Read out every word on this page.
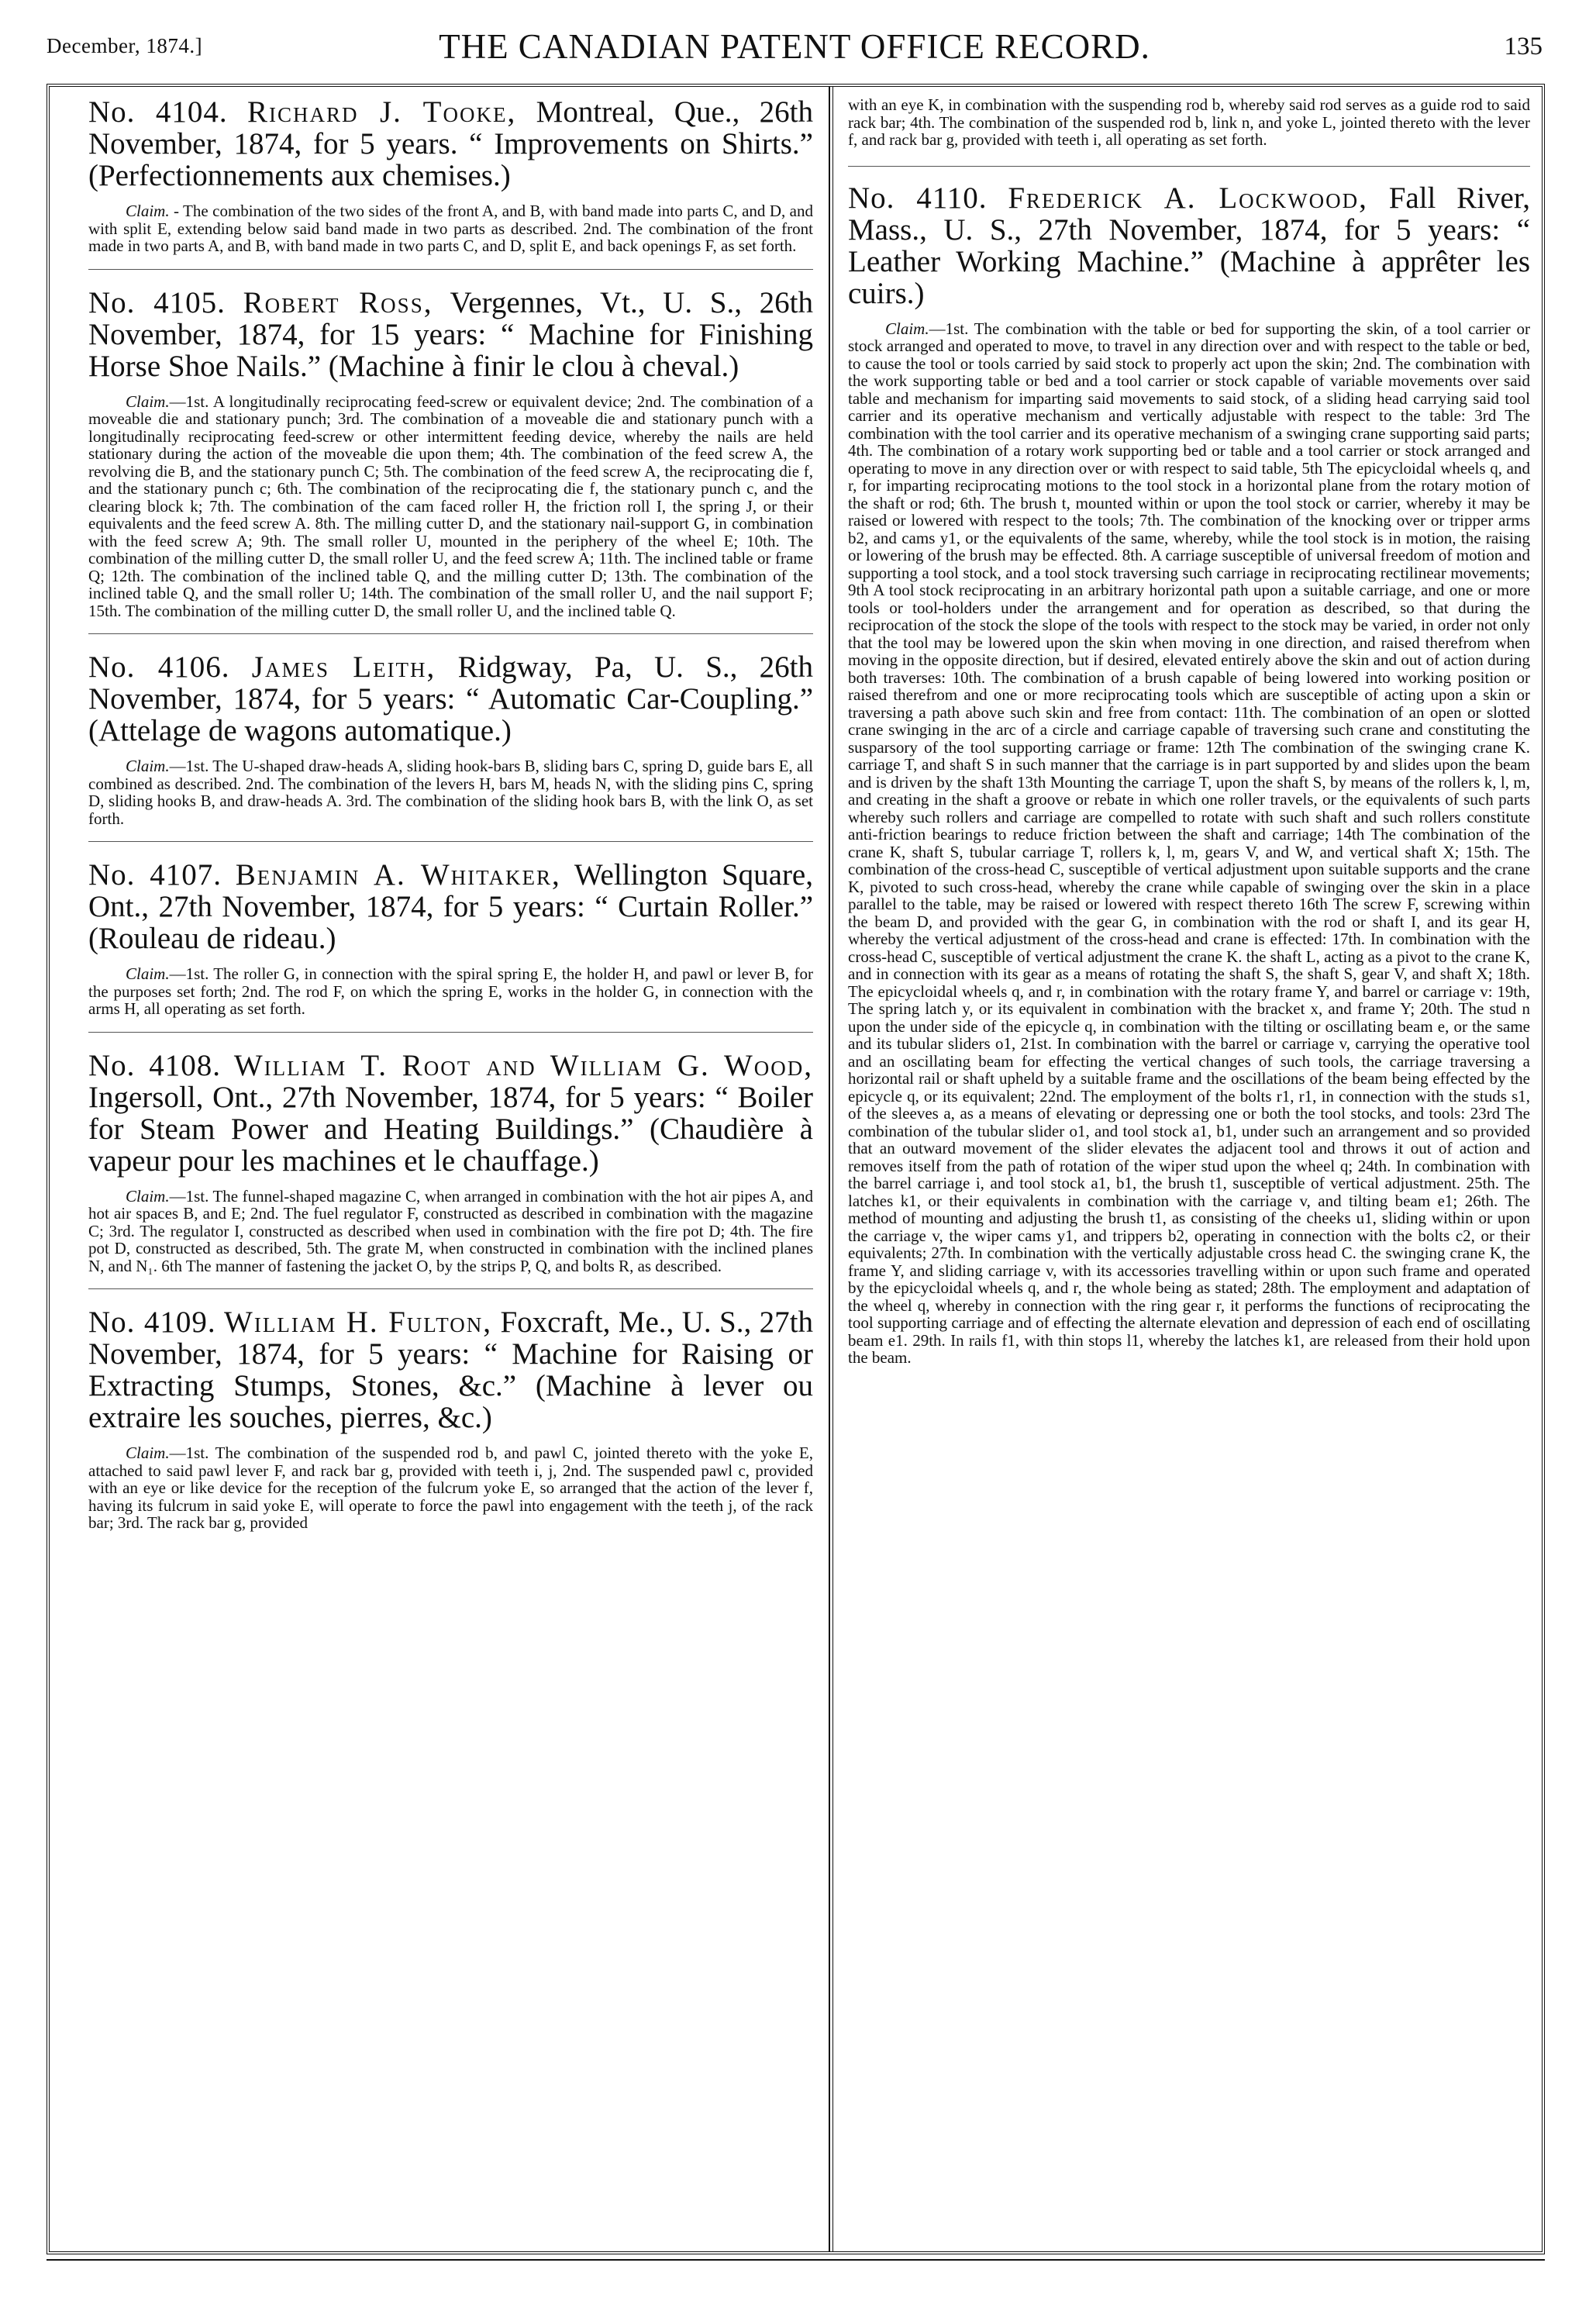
December, 1874.]	THE CANADIAN PATENT OFFICE RECORD.	135

No. 4104. Richard J. Tooke, Montreal, Que., 26th November, 1874, for 5 years. “ Improvements on Shirts.” (Perfectionnements aux chemises.)

Claim. - The combination of the two sides of the front A, and B, with band made into parts C, and D, and with split E, extending below said band made in two parts as described. 2nd. The combination of the front made in two parts A, and B, with band made in two parts C, and D, split E, and back openings F, as set forth.

No. 4105. Robert Ross, Vergennes, Vt., U. S., 26th November, 1874, for 15 years: “ Machine for Finishing Horse Shoe Nails.” (Machine à finir le clou à cheval.)

Claim.—1st. A longitudinally reciprocating feed-screw or equivalent device; 2nd. The combination of a moveable die and stationary punch; 3rd. The combination of a moveable die and stationary punch with a longitudinally reciprocating feed-screw or other intermittent feeding device, whereby the nails are held stationary during the action of the moveable die upon them; 4th. The combination of the feed screw A, the revolving die B, and the stationary punch C; 5th. The combination of the feed screw A, the reciprocating die f, and the stationary punch c; 6th. The combination of the reciprocating die f, the stationary punch c, and the clearing block k; 7th. The combination of the cam faced roller H, the friction roll I, the spring J, or their equivalents and the feed screw A. 8th. The milling cutter D, and the stationary nail-support G, in combination with the feed screw A; 9th. The small roller U, mounted in the periphery of the wheel E; 10th. The combination of the milling cutter D, the small roller U, and the feed screw A; 11th. The inclined table or frame Q; 12th. The combination of the inclined table Q, and the milling cutter D; 13th. The combination of the inclined table Q, and the small roller U; 14th. The combination of the small roller U, and the nail support F; 15th. The combination of the milling cutter D, the small roller U, and the inclined table Q.

No. 4106. James Leith, Ridgway, Pa, U. S., 26th November, 1874, for 5 years: “ Automatic Car-Coupling.” (Attelage de wagons automatique.)

Claim.—1st. The U-shaped draw-heads A, sliding hook-bars B, sliding bars C, spring D, guide bars E, all combined as described. 2nd. The combination of the levers H, bars M, heads N, with the sliding pins C, spring D, sliding hooks B, and draw-heads A. 3rd. The combination of the sliding hook bars B, with the link O, as set forth.

No. 4107. Benjamin A. Whitaker, Wellington Square, Ont., 27th November, 1874, for 5 years: “ Curtain Roller.” (Rouleau de rideau.)

Claim.—1st. The roller G, in connection with the spiral spring E, the holder H, and pawl or lever B, for the purposes set forth; 2nd. The rod F, on which the spring E, works in the holder G, in connection with the arms H, all operating as set forth.

No. 4108. William T. Root and William G. Wood, Ingersoll, Ont., 27th November, 1874, for 5 years: “ Boiler for Steam Power and Heating Buildings.” (Chaudière à vapeur pour les machines et le chauffage.)

Claim.—1st. The funnel-shaped magazine C, when arranged in combination with the hot air pipes A, and hot air spaces B, and E; 2nd. The fuel regulator F, constructed as described in combination with the magazine C; 3rd. The regulator I, constructed as described when used in combination with the fire pot D; 4th. The fire pot D, constructed as described, 5th. The grate M, when constructed in combination with the inclined planes N, and N₁. 6th The manner of fastening the jacket O, by the strips P, Q, and bolts R, as described.

No. 4109. William H. Fulton, Foxcraft, Me., U. S., 27th November, 1874, for 5 years: “ Machine for Raising or Extracting Stumps, Stones, &c.” (Machine à lever ou extraire les souches, pierres, &c.)

Claim.—1st. The combination of the suspended rod b, and pawl C, jointed thereto with the yoke E, attached to said pawl lever F, and rack bar g, provided with teeth i, j, 2nd. The suspended pawl c, provided with an eye or like device for the reception of the fulcrum yoke E, so arranged that the action of the lever f, having its fulcrum in said yoke E, will operate to force the pawl into engagement with the teeth j, of the rack bar; 3rd. The rack bar g, provided

with an eye K, in combination with the suspending rod b, whereby said rod serves as a guide rod to said rack bar; 4th. The combination of the suspended rod b, link n, and yoke L, jointed thereto with the lever f, and rack bar g, provided with teeth i, all operating as set forth.

No. 4110. Frederick A. Lockwood, Fall River, Mass., U. S., 27th November, 1874, for 5 years: “ Leather Working Machine.” (Machine à apprêter les cuirs.)

Claim.—1st. The combination with the table or bed for supporting the skin, of a tool carrier or stock arranged and operated to move, to travel in any direction over and with respect to the table or bed, to cause the tool or tools carried by said stock to properly act upon the skin; 2nd. The combination with the work supporting table or bed and a tool carrier or stock capable of variable movements over said table and mechanism for imparting said movements to said stock, of a sliding head carrying said tool carrier and its operative mechanism and vertically adjustable with respect to the table: 3rd The combination with the tool carrier and its operative mechanism of a swinging crane supporting said parts; 4th. The combination of a rotary work supporting bed or table and a tool carrier or stock arranged and operating to move in any direction over or with respect to said table, 5th The epicycloidal wheels q, and r, for imparting reciprocating motions to the tool stock in a horizontal plane from the rotary motion of the shaft or rod; 6th. The brush t, mounted within or upon the tool stock or carrier, whereby it may be raised or lowered with respect to the tools; 7th. The combination of the knocking over or tripper arms b2, and cams y1, or the equivalents of the same, whereby, while the tool stock is in motion, the raising or lowering of the brush may be effected. 8th. A carriage susceptible of universal freedom of motion and supporting a tool stock, and a tool stock traversing such carriage in reciprocating rectilinear movements; 9th A tool stock reciprocating in an arbitrary horizontal path upon a suitable carriage, and one or more tools or tool-holders under the arrangement and for operation as described, so that during the reciprocation of the stock the slope of the tools with respect to the stock may be varied, in order not only that the tool may be lowered upon the skin when moving in one direction, and raised therefrom when moving in the opposite direction, but if desired, elevated entirely above the skin and out of action during both traverses: 10th. The combination of a brush capable of being lowered into working position or raised therefrom and one or more reciprocating tools which are susceptible of acting upon a skin or traversing a path above such skin and free from contact: 11th. The combination of an open or slotted crane swinging in the arc of a circle and carriage capable of traversing such crane and constituting the susparsory of the tool supporting carriage or frame: 12th The combination of the swinging crane K. carriage T, and shaft S in such manner that the carriage is in part supported by and slides upon the beam and is driven by the shaft 13th Mounting the carriage T, upon the shaft S, by means of the rollers k, l, m, and creating in the shaft a groove or rebate in which one roller travels, or the equivalents of such parts whereby such rollers and carriage are compelled to rotate with such shaft and such rollers constitute anti-friction bearings to reduce friction between the shaft and carriage; 14th The combination of the crane K, shaft S, tubular carriage T, rollers k, l, m, gears V, and W, and vertical shaft X; 15th. The combination of the cross-head C, susceptible of vertical adjustment upon suitable supports and the crane K, pivoted to such cross-head, whereby the crane while capable of swinging over the skin in a place parallel to the table, may be raised or lowered with respect thereto 16th The screw F, screwing within the beam D, and provided with the gear G, in combination with the rod or shaft I, and its gear H, whereby the vertical adjustment of the cross-head and crane is effected: 17th. In combination with the cross-head C, susceptible of vertical adjustment the crane K. the shaft L, acting as a pivot to the crane K, and in connection with its gear as a means of rotating the shaft S, the shaft S, gear V, and shaft X; 18th. The epicycloidal wheels q, and r, in combination with the rotary frame Y, and barrel or carriage v: 19th, The spring latch y, or its equivalent in combination with the bracket x, and frame Y; 20th. The stud n upon the under side of the epicycle q, in combination with the tilting or oscillating beam e, or the same and its tubular sliders o1, 21st. In combination with the barrel or carriage v, carrying the operative tool and an oscillating beam for effecting the vertical changes of such tools, the carriage traversing a horizontal rail or shaft upheld by a suitable frame and the oscillations of the beam being effected by the epicycle q, or its equivalent; 22nd. The employment of the bolts r1, r1, in connection with the studs s1, of the sleeves a, as a means of elevating or depressing one or both the tool stocks, and tools: 23rd The combination of the tubular slider o1, and tool stock a1, b1, under such an arrangement and so provided that an outward movement of the slider elevates the adjacent tool and throws it out of action and removes itself from the path of rotation of the wiper stud upon the wheel q; 24th. In combination with the barrel carriage i, and tool stock a1, b1, the brush t1, susceptible of vertical adjustment. 25th. The latches k1, or their equivalents in combination with the carriage v, and tilting beam e1; 26th. The method of mounting and adjusting the brush t1, as consisting of the cheeks u1, sliding within or upon the carriage v, the wiper cams y1, and trippers b2, operating in connection with the bolts c2, or their equivalents; 27th. In combination with the vertically adjustable cross head C. the swinging crane K, the frame Y, and sliding carriage v, with its accessories travelling within or upon such frame and operated by the epicycloidal wheels q, and r, the whole being as stated; 28th. The employment and adaptation of the wheel q, whereby in connection with the ring gear r, it performs the functions of reciprocating the tool supporting carriage and of effecting the alternate elevation and depression of each end of oscillating beam e1. 29th. In rails f1, with thin stops l1, whereby the latches k1, are released from their hold upon the beam.
